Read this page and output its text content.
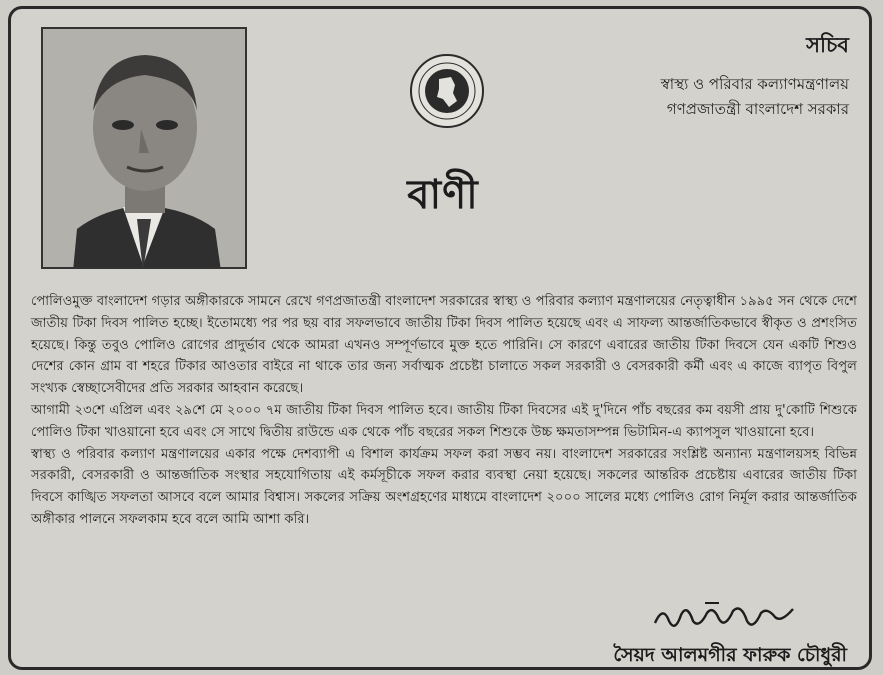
সচিব
স্বাস্থ্য ও পরিবার কল্যাণমন্ত্রণালয়
গণপ্রজাতন্ত্রী বাংলাদেশ সরকার
বাণী

পোলিওমুক্ত বাংলাদেশ গড়ার অঙ্গীকারকে সামনে রেখে গণপ্রজাতন্ত্রী বাংলাদেশ সরকারের স্বাস্থ্য ও পরিবার কল্যাণ মন্ত্রণালয়ের নেতৃত্বাধীন ১৯৯৫ সন থেকে দেশে জাতীয় টিকা দিবস পালিত হচ্ছে। ইতোমধ্যে পর পর ছয় বার সফলভাবে জাতীয় টিকা দিবস পালিত হয়েছে এবং এ সাফল্য আন্তর্জাতিকভাবে স্বীকৃত ও প্রশংসিত হয়েছে। কিন্তু তবুও পোলিও রোগের প্রাদুর্ভাব থেকে আমরা এখনও সম্পূর্ণভাবে মুক্ত হতে পারিনি। সে কারণে এবারের জাতীয় টিকা দিবসে যেন একটি শিশুও দেশের কোন গ্রাম বা শহরে টিকার আওতার বাইরে না থাকে তার জন্য সর্বাত্মক প্রচেষ্টা চালাতে সকল সরকারী ও বেসরকারী কর্মী এবং এ কাজে ব্যাপৃত বিপুল সংখ্যক স্বেচ্ছাসেবীদের প্রতি সরকার আহবান করেছে।

আগামী ২৩শে এপ্রিল এবং ২৯শে মে ২০০০ ৭ম জাতীয় টিকা দিবস পালিত হবে। জাতীয় টিকা দিবসের এই দু'দিনে পাঁচ বছরের কম বয়সী প্রায় দু'কোটি শিশুকে পোলিও টিকা খাওয়ানো হবে এবং সে সাথে দ্বিতীয় রাউন্ডে এক থেকে পাঁচ বছরের সকল শিশুকে উচ্চ ক্ষমতাসম্পন্ন ভিটামিন-এ ক্যাপসুল খাওয়ানো হবে।

স্বাস্থ্য ও পরিবার কল্যাণ মন্ত্রণালয়ের একার পক্ষে দেশব্যাপী এ বিশাল কার্যক্রম সফল করা সম্ভব নয়। বাংলাদেশ সরকারের সংশ্লিষ্ট অন্যান্য মন্ত্রণালয়সহ বিভিন্ন সরকারী, বেসরকারী ও আন্তর্জাতিক সংস্থার সহযোগিতায় এই কর্মসূচীকে সফল করার ব্যবস্থা নেয়া হয়েছে। সকলের আন্তরিক প্রচেষ্টায় এবারের জাতীয় টিকা দিবসে কাঙ্খিত সফলতা আসবে বলে আমার বিশ্বাস। সকলের সক্রিয় অংশগ্রহণের মাধ্যমে বাংলাদেশ ২০০০ সালের মধ্যে পোলিও রোগ নির্মূল করার আন্তর্জাতিক অঙ্গীকার পালনে সফলকাম হবে বলে আমি আশা করি।

সৈয়দ আলমগীর ফারুক চৌধুরী
